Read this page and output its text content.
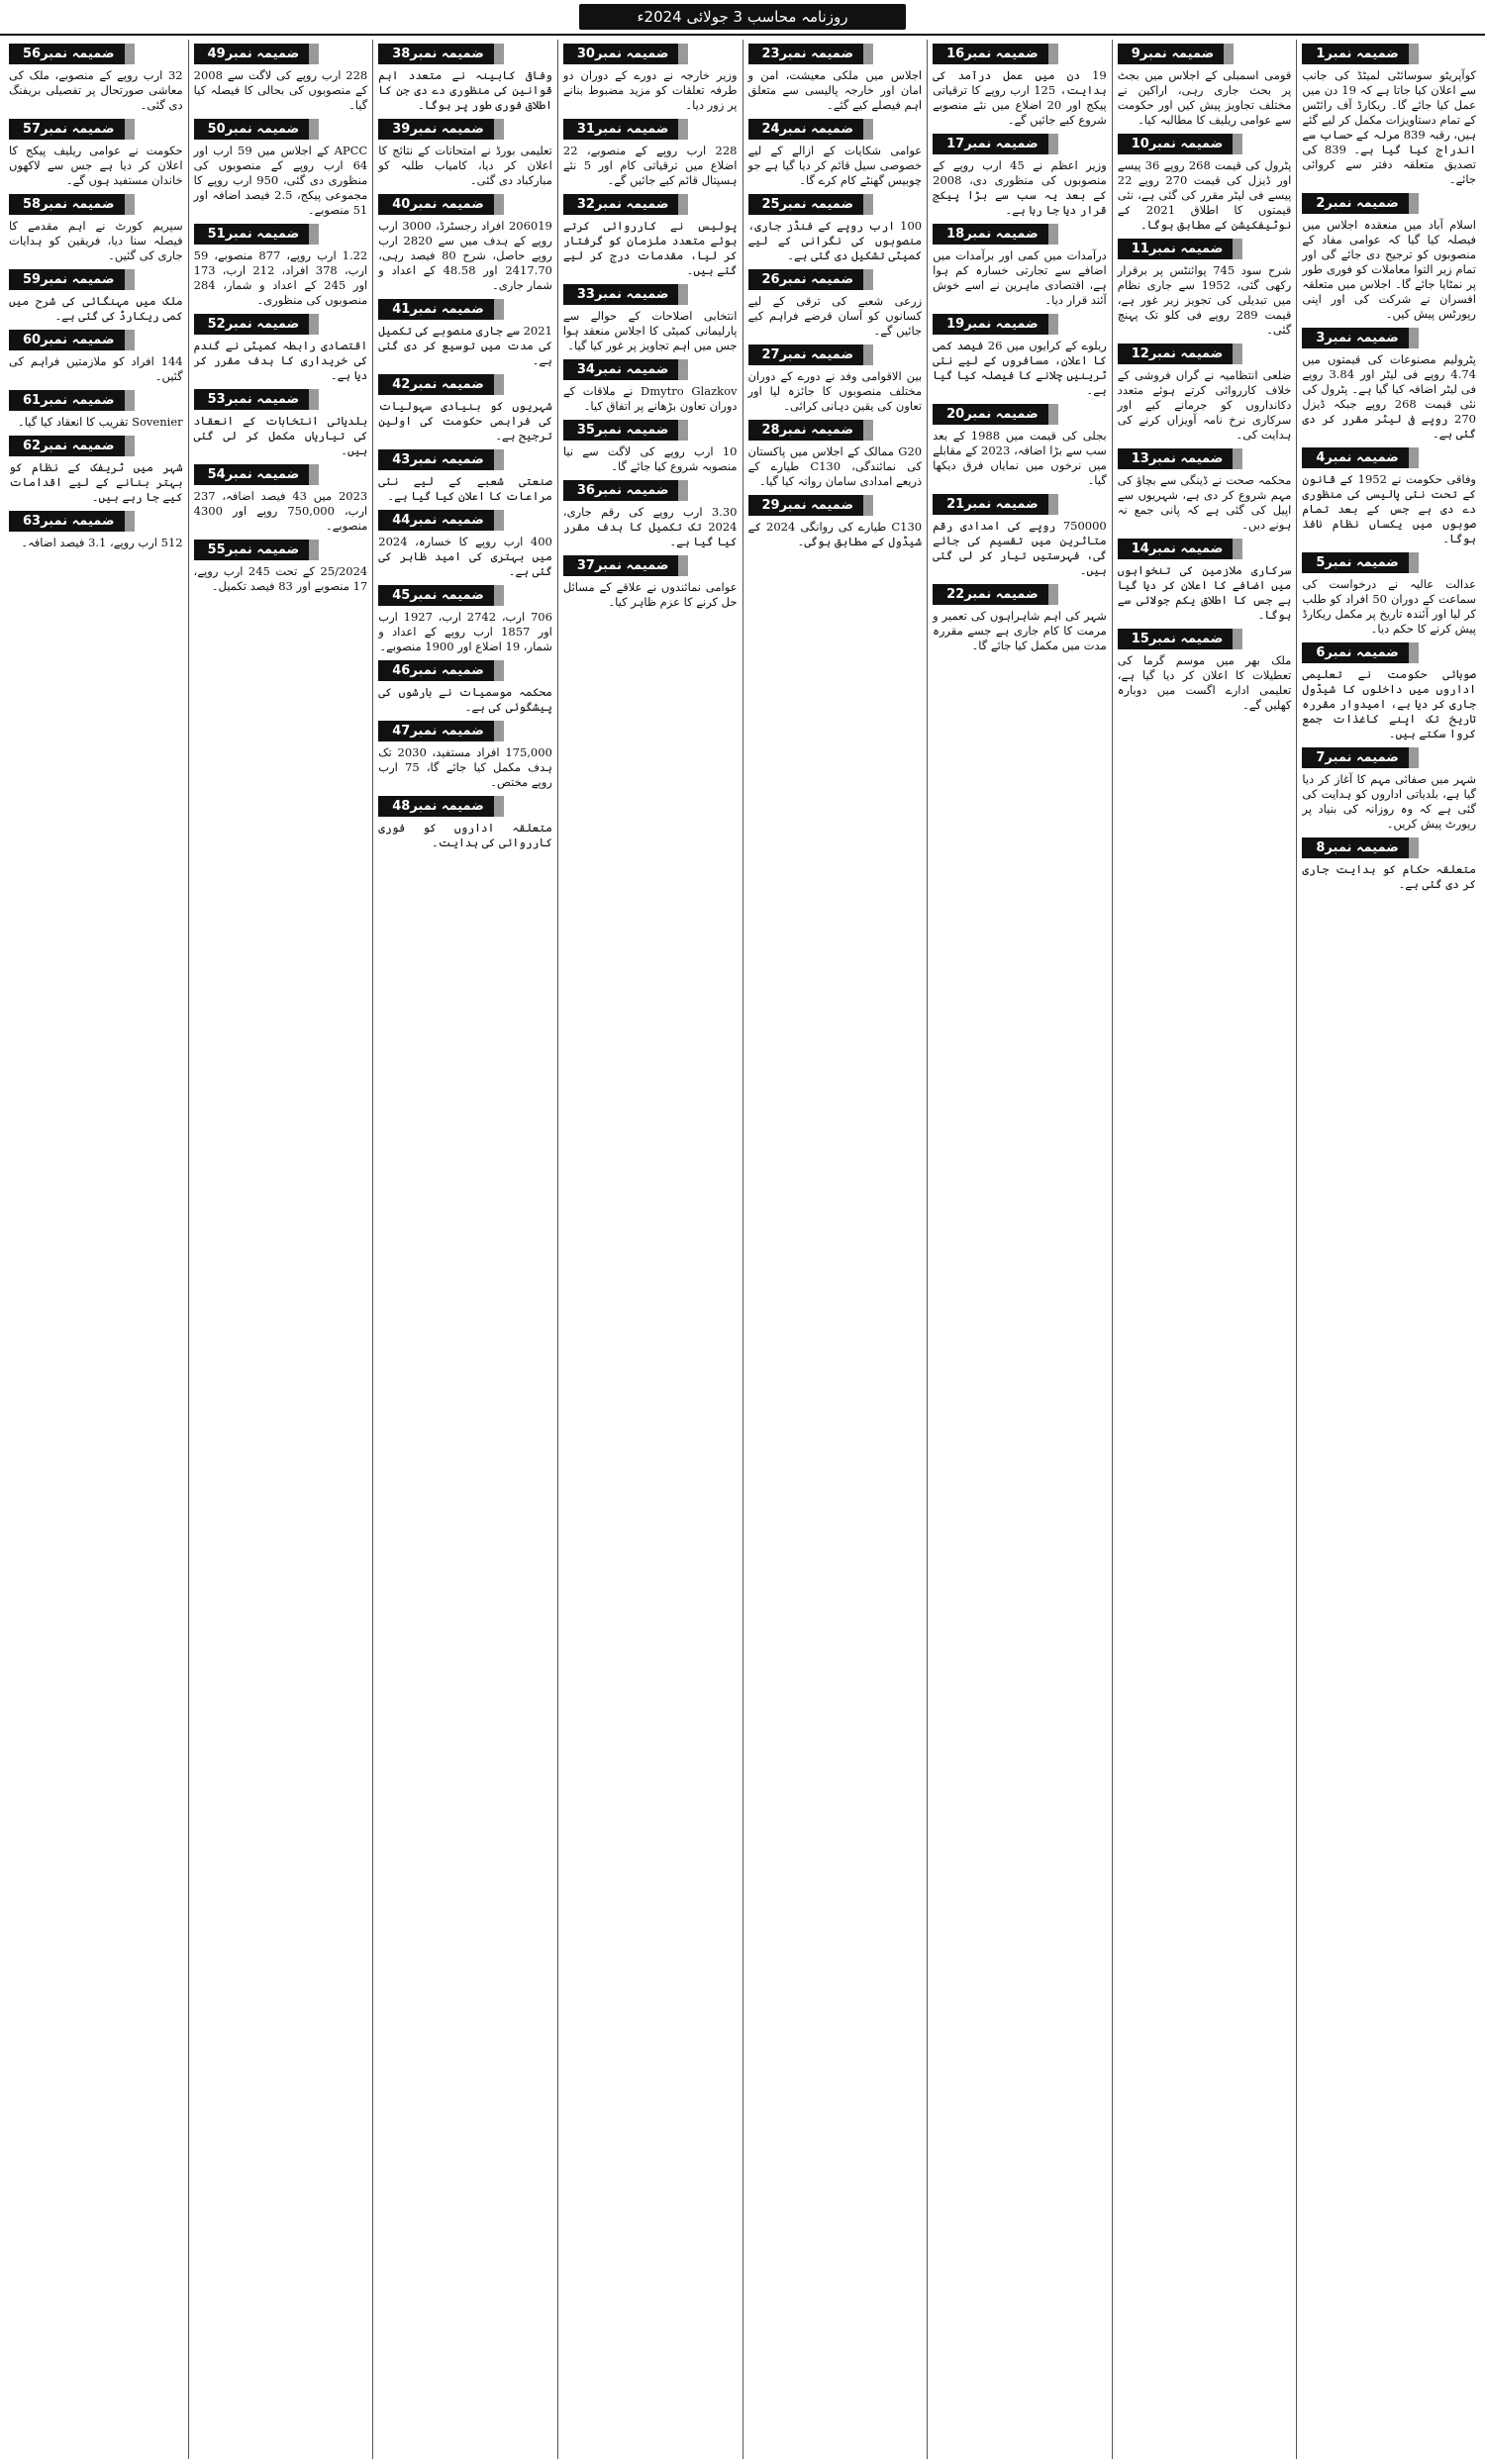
روزنامہ محاسب 3 جولائی 2024ء
ضمیمہ نمبر1

کوآپریٹو سوسائٹی لمیٹڈ کی جانب سے اعلان کیا جاتا ہے کہ 19 دن میں عمل کیا جائے گا۔ ریکارڈ آف رائٹس کے تمام دستاویزات مکمل کر لیے گئے ہیں، رقبہ 839 مرلہ کے حساب سے اندراج کیا گیا ہے۔ 839 کی تصدیق متعلقہ دفتر سے کروائی جائے۔

ضمیمہ نمبر2

اسلام آباد میں منعقدہ اجلاس میں فیصلہ کیا گیا کہ عوامی مفاد کے منصوبوں کو ترجیح دی جائے گی اور تمام زیر التوا معاملات کو فوری طور پر نمٹایا جائے گا۔ اجلاس میں متعلقہ افسران نے شرکت کی اور اپنی رپورٹس پیش کیں۔

ضمیمہ نمبر3

پٹرولیم مصنوعات کی قیمتوں میں 4.74 روپے فی لیٹر اور 3.84 روپے فی لیٹر اضافہ کیا گیا ہے۔ پٹرول کی نئی قیمت 268 روپے جبکہ ڈیزل 270 روپے فی لیٹر مقرر کر دی گئی ہے۔

ضمیمہ نمبر4

وفاقی حکومت نے 1952 کے قانون کے تحت نئی پالیسی کی منظوری دے دی ہے جس کے بعد تمام صوبوں میں یکساں نظام نافذ ہوگا۔

ضمیمہ نمبر5

عدالت عالیہ نے درخواست کی سماعت کے دوران 50 افراد کو طلب کر لیا اور آئندہ تاریخ پر مکمل ریکارڈ پیش کرنے کا حکم دیا۔

ضمیمہ نمبر6

صوبائی حکومت نے تعلیمی اداروں میں داخلوں کا شیڈول جاری کر دیا ہے، امیدوار مقررہ تاریخ تک اپنے کاغذات جمع کروا سکتے ہیں۔

ضمیمہ نمبر7

شہر میں صفائی مہم کا آغاز کر دیا گیا ہے، بلدیاتی اداروں کو ہدایت کی گئی ہے کہ وہ روزانہ کی بنیاد پر رپورٹ پیش کریں۔

ضمیمہ نمبر8

متعلقہ حکام کو ہدایت جاری کر دی گئی ہے۔

ضمیمہ نمبر9

قومی اسمبلی کے اجلاس میں بجٹ پر بحث جاری رہی، اراکین نے مختلف تجاویز پیش کیں اور حکومت سے عوامی ریلیف کا مطالبہ کیا۔

ضمیمہ نمبر10

پٹرول کی قیمت 268 روپے 36 پیسے اور ڈیزل کی قیمت 270 روپے 22 پیسے فی لیٹر مقرر کی گئی ہے، نئی قیمتوں کا اطلاق 2021 کے نوٹیفکیشن کے مطابق ہوگا۔

ضمیمہ نمبر11

شرح سود 745 پوائنٹس پر برقرار رکھی گئی، 1952 سے جاری نظام میں تبدیلی کی تجویز زیر غور ہے، قیمت 289 روپے فی کلو تک پہنچ گئی۔

ضمیمہ نمبر12

ضلعی انتظامیہ نے گراں فروشی کے خلاف کارروائی کرتے ہوئے متعدد دکانداروں کو جرمانے کیے اور سرکاری نرخ نامہ آویزاں کرنے کی ہدایت کی۔

ضمیمہ نمبر13

محکمہ صحت نے ڈینگی سے بچاؤ کی مہم شروع کر دی ہے، شہریوں سے اپیل کی گئی ہے کہ پانی جمع نہ ہونے دیں۔

ضمیمہ نمبر14

سرکاری ملازمین کی تنخواہوں میں اضافے کا اعلان کر دیا گیا ہے جس کا اطلاق یکم جولائی سے ہوگا۔

ضمیمہ نمبر15

ملک بھر میں موسم گرما کی تعطیلات کا اعلان کر دیا گیا ہے، تعلیمی ادارے اگست میں دوبارہ کھلیں گے۔

ضمیمہ نمبر16

19 دن میں عمل درآمد کی ہدایت، 125 ارب روپے کا ترقیاتی پیکج اور 20 اضلاع میں نئے منصوبے شروع کیے جائیں گے۔

ضمیمہ نمبر17

وزیر اعظم نے 45 ارب روپے کے منصوبوں کی منظوری دی، 2008 کے بعد یہ سب سے بڑا پیکج قرار دیا جا رہا ہے۔

ضمیمہ نمبر18

درآمدات میں کمی اور برآمدات میں اضافے سے تجارتی خسارہ کم ہوا ہے، اقتصادی ماہرین نے اسے خوش آئند قرار دیا۔

ضمیمہ نمبر19

ریلوے کے کرایوں میں 26 فیصد کمی کا اعلان، مسافروں کے لیے نئی ٹرینیں چلانے کا فیصلہ کیا گیا ہے۔

ضمیمہ نمبر20

بجلی کی قیمت میں 1988 کے بعد سب سے بڑا اضافہ، 2023 کے مقابلے میں نرخوں میں نمایاں فرق دیکھا گیا۔

ضمیمہ نمبر21

750000 روپے کی امدادی رقم متاثرین میں تقسیم کی جائے گی، فہرستیں تیار کر لی گئی ہیں۔

ضمیمہ نمبر22

شہر کی اہم شاہراہوں کی تعمیر و مرمت کا کام جاری ہے جسے مقررہ مدت میں مکمل کیا جائے گا۔

ضمیمہ نمبر23

اجلاس میں ملکی معیشت، امن و امان اور خارجہ پالیسی سے متعلق اہم فیصلے کیے گئے۔

ضمیمہ نمبر24

عوامی شکایات کے ازالے کے لیے خصوصی سیل قائم کر دیا گیا ہے جو چوبیس گھنٹے کام کرے گا۔

ضمیمہ نمبر25

100 ارب روپے کے فنڈز جاری، منصوبوں کی نگرانی کے لیے کمیٹی تشکیل دی گئی ہے۔

ضمیمہ نمبر26

زرعی شعبے کی ترقی کے لیے کسانوں کو آسان قرضے فراہم کیے جائیں گے۔

ضمیمہ نمبر27

بین الاقوامی وفد نے دورے کے دوران مختلف منصوبوں کا جائزہ لیا اور تعاون کی یقین دہانی کرائی۔

ضمیمہ نمبر28

G20 ممالک کے اجلاس میں پاکستان کی نمائندگی، C130 طیارے کے ذریعے امدادی سامان روانہ کیا گیا۔

ضمیمہ نمبر29

C130 طیارے کی روانگی 2024 کے شیڈول کے مطابق ہوگی۔

ضمیمہ نمبر30

وزیر خارجہ نے دورے کے دوران دو طرفہ تعلقات کو مزید مضبوط بنانے پر زور دیا۔

ضمیمہ نمبر31

228 ارب روپے کے منصوبے، 22 اضلاع میں ترقیاتی کام اور 5 نئے ہسپتال قائم کیے جائیں گے۔

ضمیمہ نمبر32

پولیس نے کارروائی کرتے ہوئے متعدد ملزمان کو گرفتار کر لیا، مقدمات درج کر لیے گئے ہیں۔

ضمیمہ نمبر33

انتخابی اصلاحات کے حوالے سے پارلیمانی کمیٹی کا اجلاس منعقد ہوا جس میں اہم تجاویز پر غور کیا گیا۔

ضمیمہ نمبر34

Dmytro Glazkov نے ملاقات کے دوران تعاون بڑھانے پر اتفاق کیا۔

ضمیمہ نمبر35

10 ارب روپے کی لاگت سے نیا منصوبہ شروع کیا جائے گا۔

ضمیمہ نمبر36

3.30 ارب روپے کی رقم جاری، 2024 تک تکمیل کا ہدف مقرر کیا گیا ہے۔

ضمیمہ نمبر37

عوامی نمائندوں نے علاقے کے مسائل حل کرنے کا عزم ظاہر کیا۔

ضمیمہ نمبر38

وفاقی کابینہ نے متعدد اہم قوانین کی منظوری دے دی جن کا اطلاق فوری طور پر ہوگا۔

ضمیمہ نمبر39

تعلیمی بورڈ نے امتحانات کے نتائج کا اعلان کر دیا، کامیاب طلبہ کو مبارکباد دی گئی۔

ضمیمہ نمبر40

206019 افراد رجسٹرڈ، 3000 ارب روپے کے ہدف میں سے 2820 ارب روپے حاصل، شرح 80 فیصد رہی، 2417.70 اور 48.58 کے اعداد و شمار جاری۔

ضمیمہ نمبر41

2021 سے جاری منصوبے کی تکمیل کی مدت میں توسیع کر دی گئی ہے۔

ضمیمہ نمبر42

شہریوں کو بنیادی سہولیات کی فراہمی حکومت کی اولین ترجیح ہے۔

ضمیمہ نمبر43

صنعتی شعبے کے لیے نئی مراعات کا اعلان کیا گیا ہے۔

ضمیمہ نمبر44

400 ارب روپے کا خسارہ، 2024 میں بہتری کی امید ظاہر کی گئی ہے۔

ضمیمہ نمبر45

706 ارب، 2742 ارب، 1927 ارب اور 1857 ارب روپے کے اعداد و شمار، 19 اضلاع اور 1900 منصوبے۔

ضمیمہ نمبر46

محکمہ موسمیات نے بارشوں کی پیشگوئی کی ہے۔

ضمیمہ نمبر47

175,000 افراد مستفید، 2030 تک ہدف مکمل کیا جائے گا، 75 ارب روپے مختص۔

ضمیمہ نمبر48

متعلقہ اداروں کو فوری کارروائی کی ہدایت۔

ضمیمہ نمبر49

228 ارب روپے کی لاگت سے 2008 کے منصوبوں کی بحالی کا فیصلہ کیا گیا۔

ضمیمہ نمبر50

APCC کے اجلاس میں 59 ارب اور 64 ارب روپے کے منصوبوں کی منظوری دی گئی، 950 ارب روپے کا مجموعی پیکج، 2.5 فیصد اضافہ اور 51 منصوبے۔

ضمیمہ نمبر51

1.22 ارب روپے، 877 منصوبے، 59 ارب، 378 افراد، 212 ارب، 173 اور 245 کے اعداد و شمار، 284 منصوبوں کی منظوری۔

ضمیمہ نمبر52

اقتصادی رابطہ کمیٹی نے گندم کی خریداری کا ہدف مقرر کر دیا ہے۔

ضمیمہ نمبر53

بلدیاتی انتخابات کے انعقاد کی تیاریاں مکمل کر لی گئی ہیں۔

ضمیمہ نمبر54

2023 میں 43 فیصد اضافہ، 237 ارب، 750,000 روپے اور 4300 منصوبے۔

ضمیمہ نمبر55

25/2024 کے تحت 245 ارب روپے، 17 منصوبے اور 83 فیصد تکمیل۔

ضمیمہ نمبر56

32 ارب روپے کے منصوبے، ملک کی معاشی صورتحال پر تفصیلی بریفنگ دی گئی۔

ضمیمہ نمبر57

حکومت نے عوامی ریلیف پیکج کا اعلان کر دیا ہے جس سے لاکھوں خاندان مستفید ہوں گے۔

ضمیمہ نمبر58

سپریم کورٹ نے اہم مقدمے کا فیصلہ سنا دیا، فریقین کو ہدایات جاری کی گئیں۔

ضمیمہ نمبر59

ملک میں مہنگائی کی شرح میں کمی ریکارڈ کی گئی ہے۔

ضمیمہ نمبر60

144 افراد کو ملازمتیں فراہم کی گئیں۔

ضمیمہ نمبر61

Sovenier تقریب کا انعقاد کیا گیا۔

ضمیمہ نمبر62

شہر میں ٹریفک کے نظام کو بہتر بنانے کے لیے اقدامات کیے جا رہے ہیں۔

ضمیمہ نمبر63

512 ارب روپے، 3.1 فیصد اضافہ۔
